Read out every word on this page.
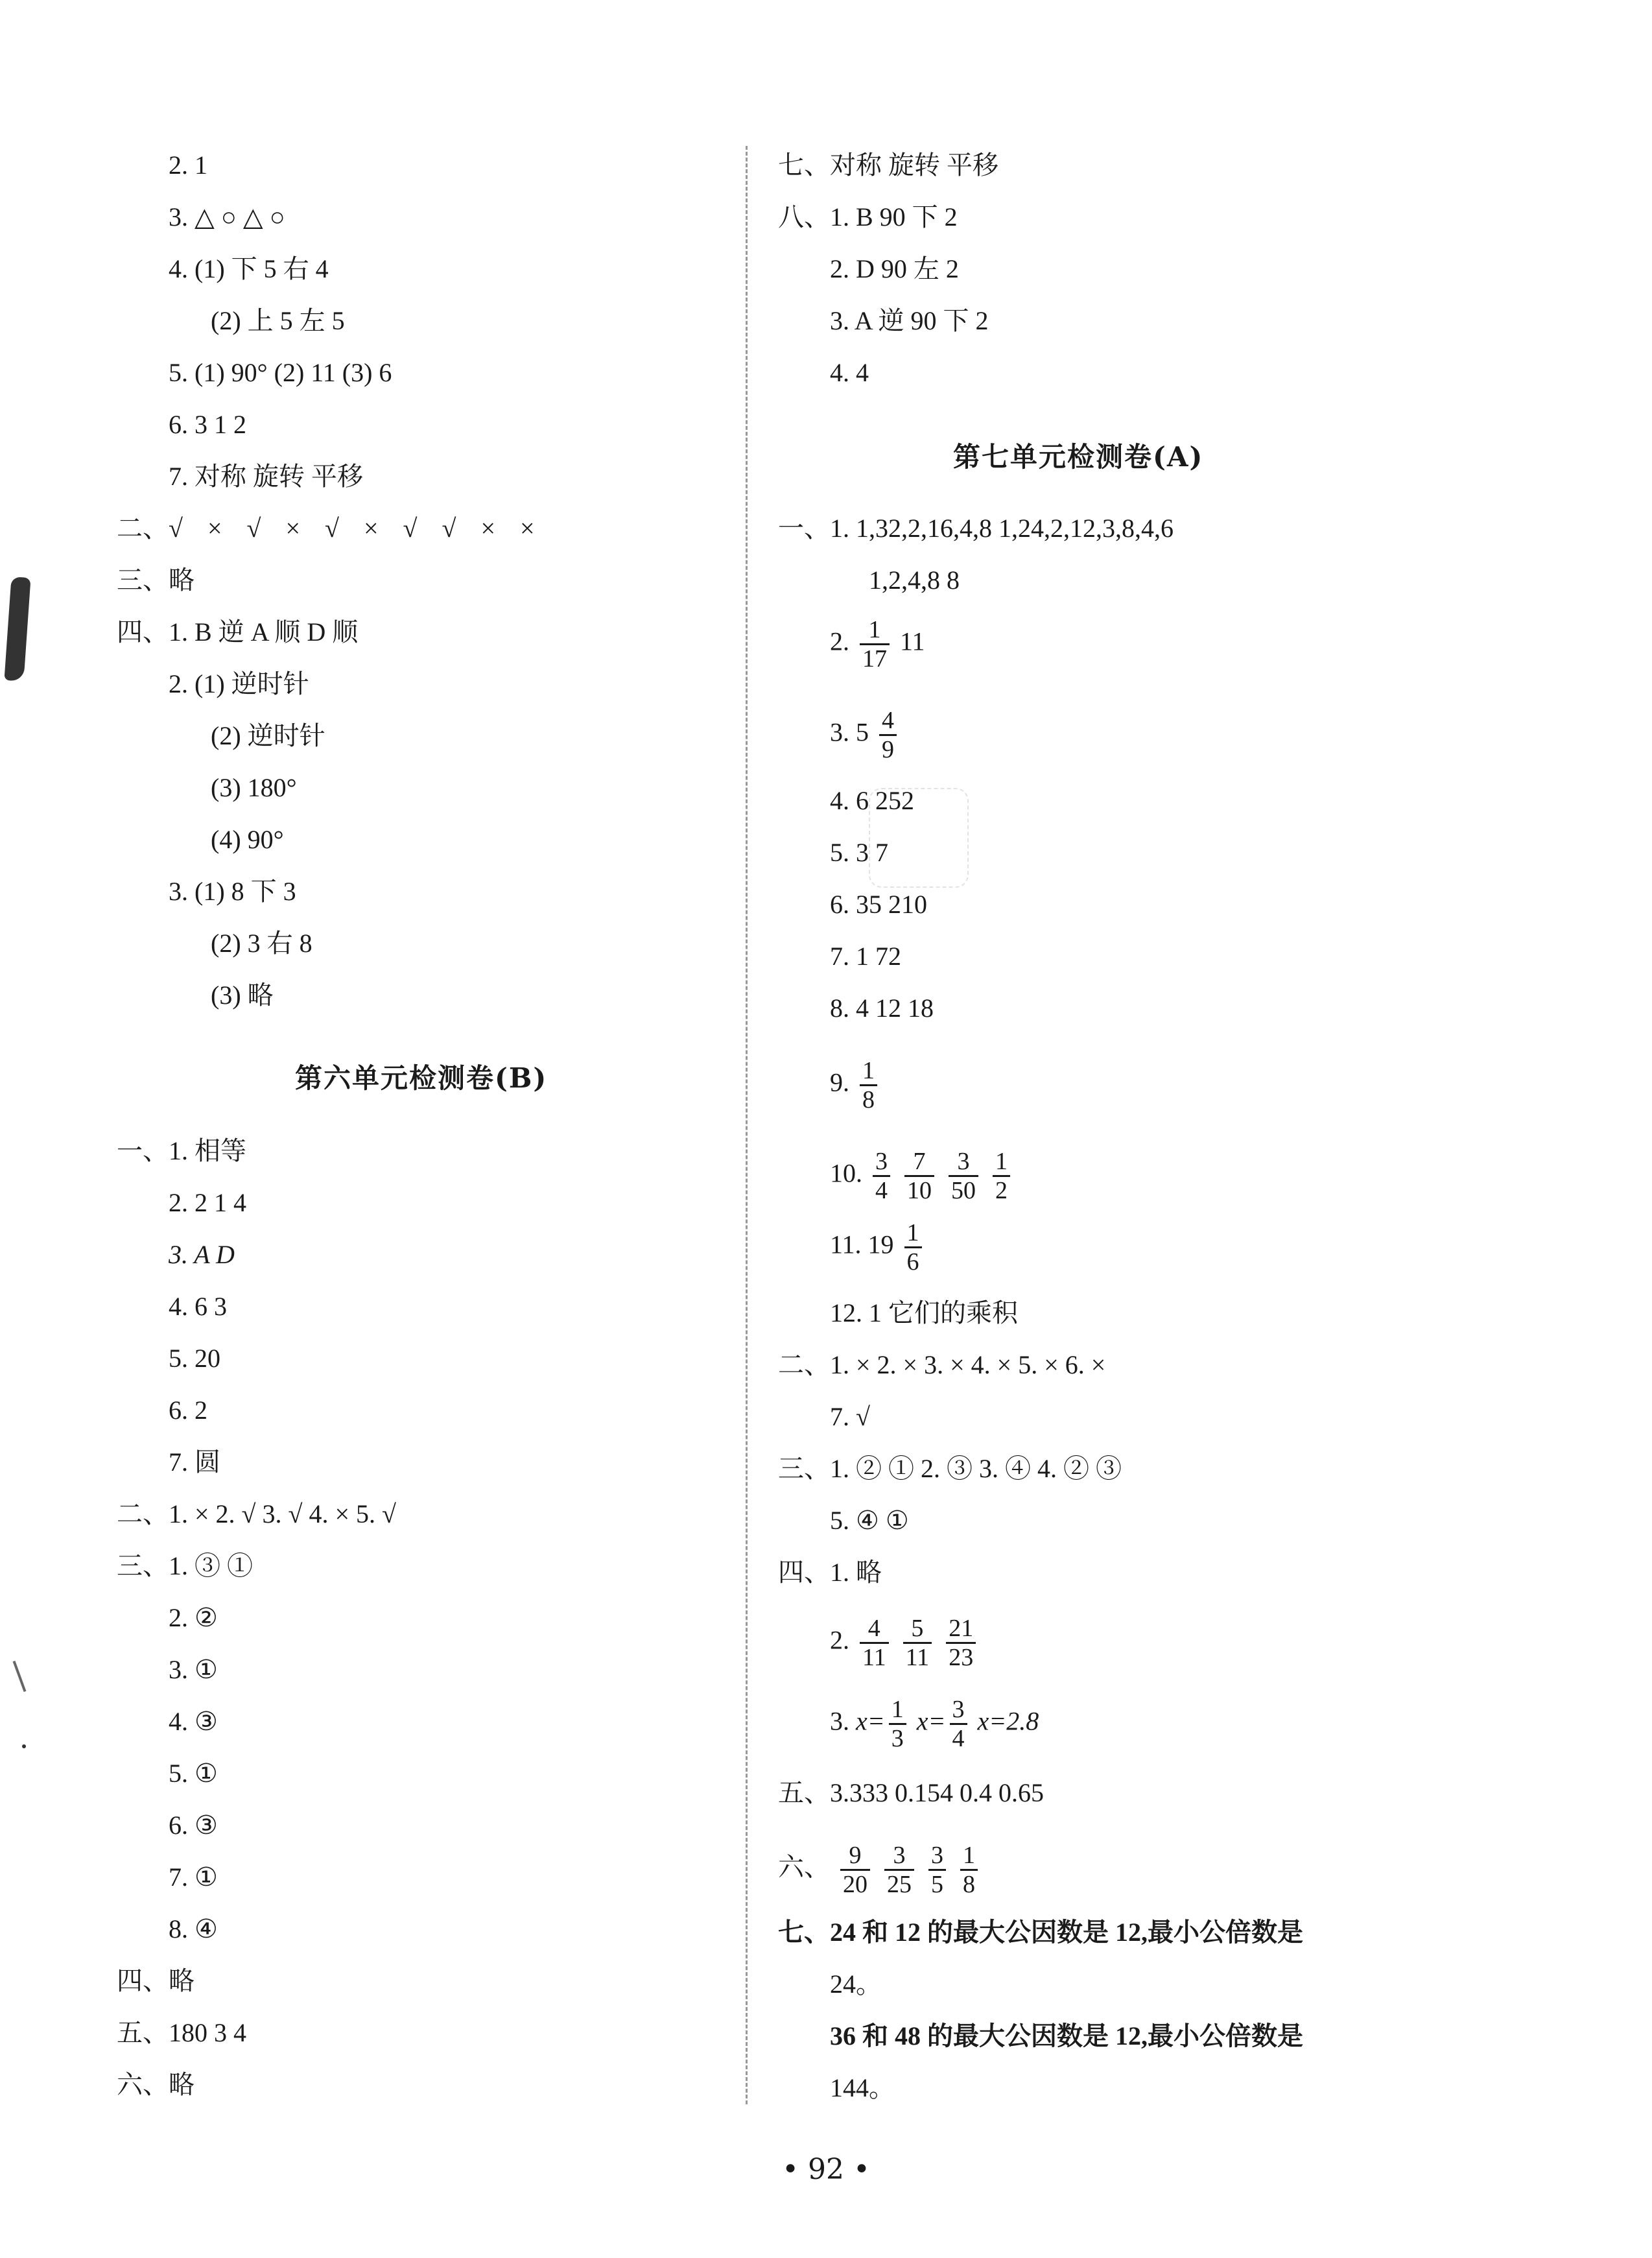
2. 1
3. △ ○ △ ○
4. (1) 下 5 右 4
(2) 上 5 左 5
5. (1) 90° (2) 11 (3) 6
6. 3 1 2
7. 对称 旋转 平移
二、√ × √ × √ × √ √ × ×
三、略
四、1. B 逆 A 顺 D 顺
2. (1) 逆时针
(2) 逆时针
(3) 180°
(4) 90°
3. (1) 8 下 3
(2) 3 右 8
(3) 略
第六单元检测卷(B)
一、1. 相等
2. 2 1 4
3. A D
4. 6 3
5. 20
6. 2
7. 圆
二、1. × 2. √ 3. √ 4. × 5. √
三、1. ③ ①
2. ②
3. ①
4. ③
5. ①
6. ③
7. ①
8. ④
四、略
五、180 3 4
六、略
七、对称 旋转 平移
八、1. B 90 下 2
2. D 90 左 2
3. A 逆 90 下 2
4. 4
第七单元检测卷(A)
一、1. 1,32,2,16,4,8 1,24,2,12,3,8,4,6
1,2,4,8 8
2. $\frac{1}{17} 11$
3. $5 \frac{4}{9}$
4. 6 252
5. 3 7
6. 35 210
7. 1 72
8. 4 12 18
9. $\frac{1}{8}$
10. $\frac{3}{4}$
$\frac{7}{10}$
$\frac{3}{50}$
$\frac{1}{2}$
11. $19 \frac{1}{6}$
12. 1 它们的乘积
二、1. × 2. × 3. × 4. × 5. × 6. ×
7. √
三、1. ② ① 2. ③ 3. ④ 4. ② ③
5. ④ ①
四、1. 略
2. $\frac{4}{11}$
$\frac{5}{11}$
$\frac{21}{23}$
3. $x= \frac{1}{3} x= \frac{3}{4} x=2.8$
五、3.333 0.154 0.4 0.65
六、 $\frac{9}{20}$
$\frac{3}{25}$
$\frac{3}{5}$
$\frac{1}{8}$
七、24 和 12 的最大公因数是 12,最小公倍数是
24。
36 和 48 的最大公因数是 12,最小公倍数是
144。
• 92 •
